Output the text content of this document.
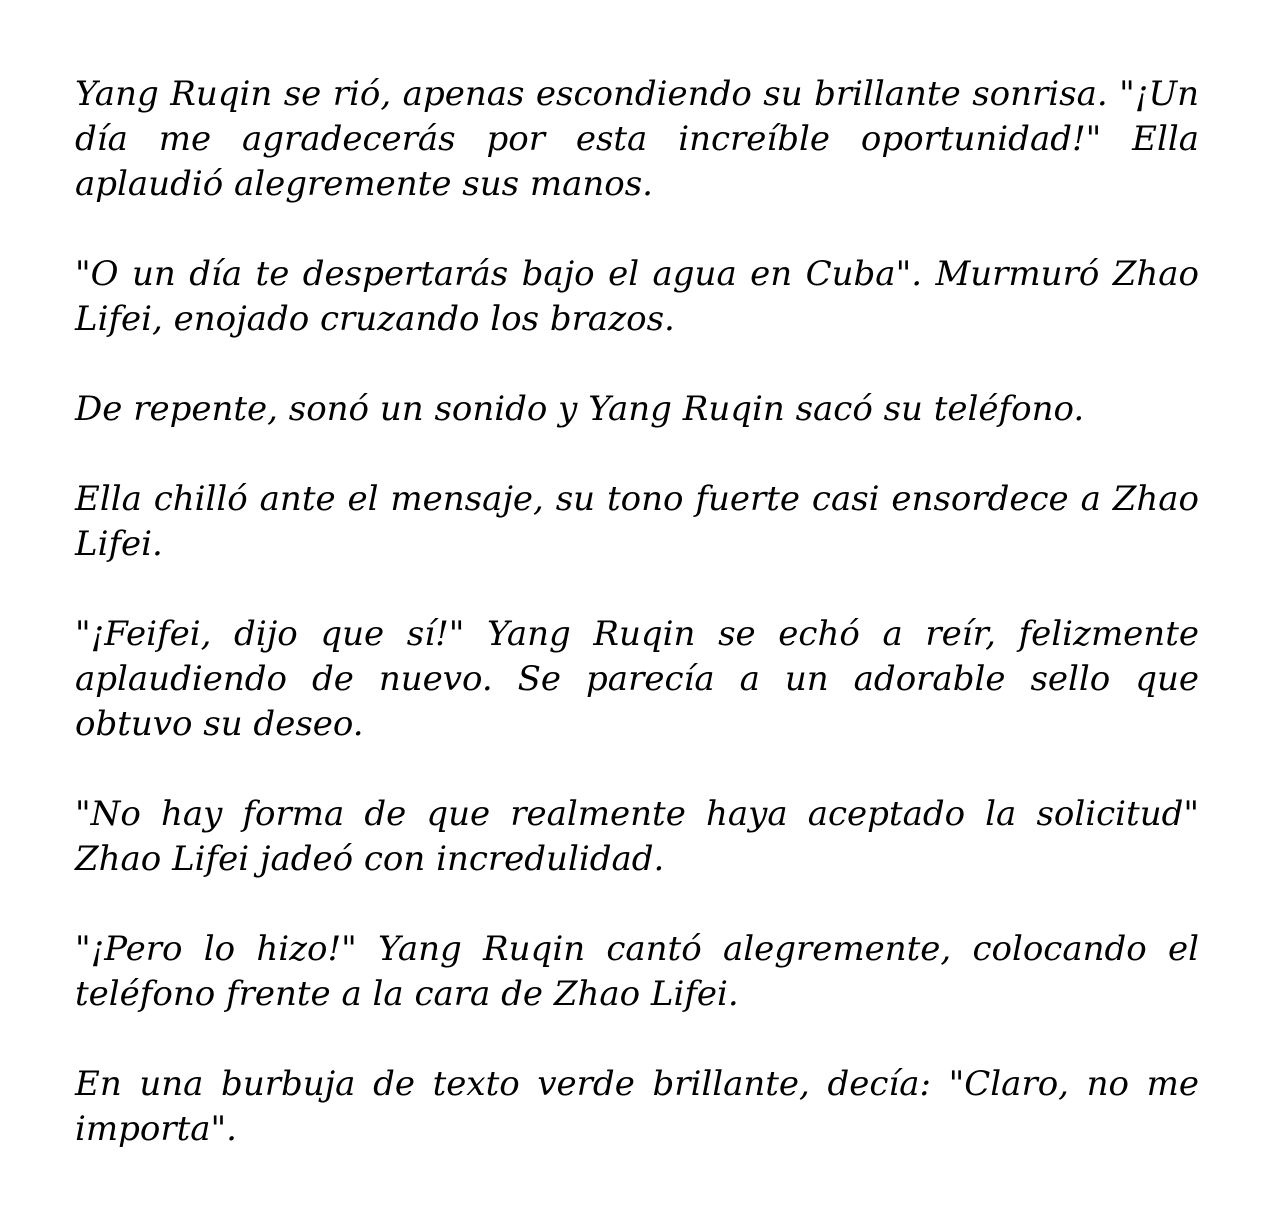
Yang Ruqin se rió, apenas escondiendo su brillante sonrisa. "¡Un día me agradecerás por esta increíble oportunidad!" Ella aplaudió alegremente sus manos.

"O un día te despertarás bajo el agua en Cuba". Murmuró Zhao Lifei, enojado cruzando los brazos.

De repente, sonó un sonido y Yang Ruqin sacó su teléfono.

Ella chilló ante el mensaje, su tono fuerte casi ensordece a Zhao Lifei.

"¡Feifei, dijo que sí!" Yang Ruqin se echó a reír, felizmente aplaudiendo de nuevo. Se parecía a un adorable sello que obtuvo su deseo.

"No hay forma de que realmente haya aceptado la solicitud" Zhao Lifei jadeó con incredulidad.

"¡Pero lo hizo!" Yang Ruqin cantó alegremente, colocando el teléfono frente a la cara de Zhao Lifei.

En una burbuja de texto verde brillante, decía: "Claro, no me importa".
